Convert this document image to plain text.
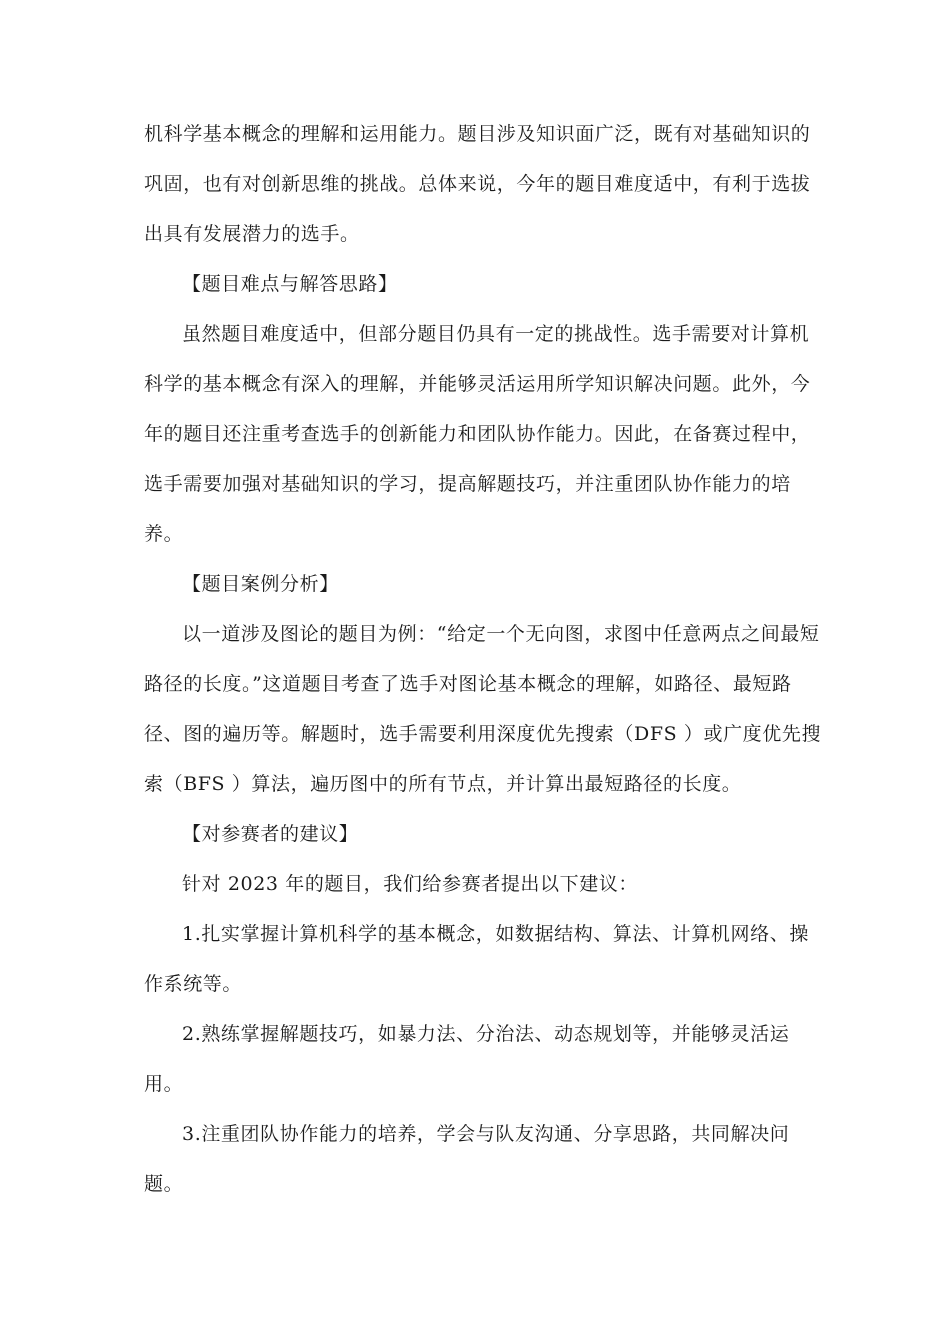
机科学基本概念的理解和运用能力。题目涉及知识面广泛，既有对基础知识的
巩固，也有对创新思维的挑战。总体来说，今年的题目难度适中，有利于选拔
出具有发展潜力的选手。
【题目难点与解答思路】
虽然题目难度适中，但部分题目仍具有一定的挑战性。选手需要对计算机
科学的基本概念有深入的理解，并能够灵活运用所学知识解决问题。此外，今
年的题目还注重考查选手的创新能力和团队协作能力。因此，在备赛过程中，
选手需要加强对基础知识的学习，提高解题技巧，并注重团队协作能力的培
养。
【题目案例分析】
以一道涉及图论的题目为例：“给定一个无向图，求图中任意两点之间最短
路径的长度。”这道题目考查了选手对图论基本概念的理解，如路径、最短路
径、图的遍历等。解题时，选手需要利用深度优先搜索（DFS ）或广度优先搜
索（BFS ）算法，遍历图中的所有节点，并计算出最短路径的长度。
【对参赛者的建议】
针对 2023 年的题目，我们给参赛者提出以下建议：
1.扎实掌握计算机科学的基本概念，如数据结构、算法、计算机网络、操
作系统等。
2.熟练掌握解题技巧，如暴力法、分治法、动态规划等，并能够灵活运
用。
3.注重团队协作能力的培养，学会与队友沟通、分享思路，共同解决问
题。
